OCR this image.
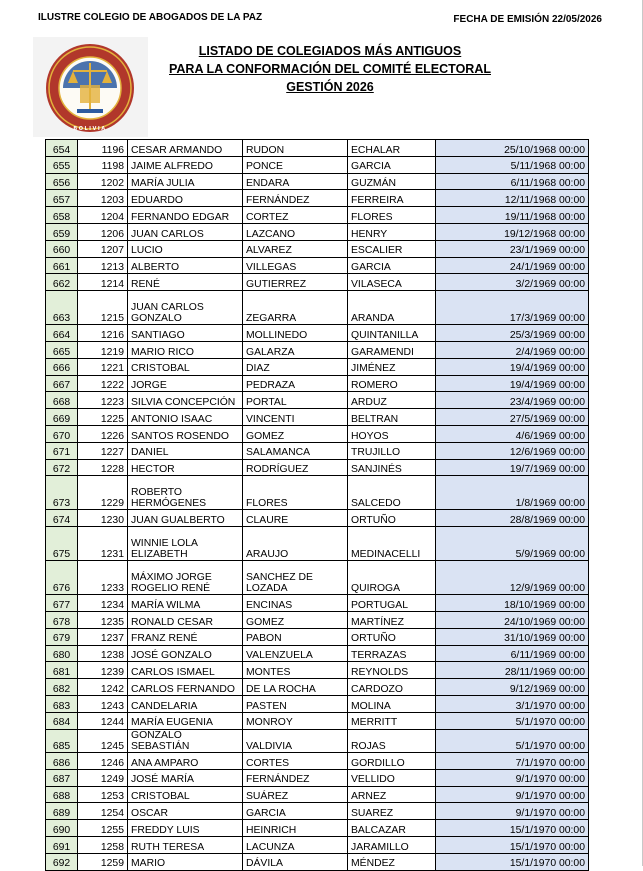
ILUSTRE COLEGIO DE ABOGADOS DE LA PAZ	FECHA DE EMISIÓN 22/05/2026
BOLIVIA
LISTADO DE COLEGIADOS MÁS ANTIGUOS
PARA LA CONFORMACIÓN DEL COMITÉ ELECTORAL
GESTIÓN 2026
654	1196	CESAR ARMANDO	RUDON	ECHALAR	25/10/1968 00:00
655	1198	JAIME ALFREDO	PONCE	GARCIA	5/11/1968 00:00
656	1202	MARÍA JULIA	ENDARA	GUZMÁN	6/11/1968 00:00
657	1203	EDUARDO	FERNÁNDEZ	FERREIRA	12/11/1968 00:00
658	1204	FERNANDO EDGAR	CORTEZ	FLORES	19/11/1968 00:00
659	1206	JUAN CARLOS	LAZCANO	HENRY	19/12/1968 00:00
660	1207	LUCIO	ALVAREZ	ESCALIER	23/1/1969 00:00
661	1213	ALBERTO	VILLEGAS	GARCIA	24/1/1969 00:00
662	1214	RENÉ	GUTIERREZ	VILASECA	3/2/1969 00:00
663	1215	JUAN CARLOS GONZALO	ZEGARRA	ARANDA	17/3/1969 00:00
664	1216	SANTIAGO	MOLLINEDO	QUINTANILLA	25/3/1969 00:00
665	1219	MARIO RICO	GALARZA	GARAMENDI	2/4/1969 00:00
666	1221	CRISTOBAL	DIAZ	JIMÉNEZ	19/4/1969 00:00
667	1222	JORGE	PEDRAZA	ROMERO	19/4/1969 00:00
668	1223	SILVIA CONCEPCIÓN	PORTAL	ARDUZ	23/4/1969 00:00
669	1225	ANTONIO ISAAC	VINCENTI	BELTRAN	27/5/1969 00:00
670	1226	SANTOS ROSENDO	GOMEZ	HOYOS	4/6/1969 00:00
671	1227	DANIEL	SALAMANCA	TRUJILLO	12/6/1969 00:00
672	1228	HECTOR	RODRÍGUEZ	SANJINÉS	19/7/1969 00:00
673	1229	ROBERTO HERMÓGENES	FLORES	SALCEDO	1/8/1969 00:00
674	1230	JUAN GUALBERTO	CLAURE	ORTUÑO	28/8/1969 00:00
675	1231	WINNIE LOLA ELIZABETH	ARAUJO	MEDINACELLI	5/9/1969 00:00
676	1233	MÁXIMO JORGE ROGELIO RENÉ	SANCHEZ DE LOZADA	QUIROGA	12/9/1969 00:00
677	1234	MARÍA WILMA	ENCINAS	PORTUGAL	18/10/1969 00:00
678	1235	RONALD CESAR	GOMEZ	MARTÍNEZ	24/10/1969 00:00
679	1237	FRANZ RENÉ	PABON	ORTUÑO	31/10/1969 00:00
680	1238	JOSÉ GONZALO	VALENZUELA	TERRAZAS	6/11/1969 00:00
681	1239	CARLOS ISMAEL	MONTES	REYNOLDS	28/11/1969 00:00
682	1242	CARLOS FERNANDO	DE LA ROCHA	CARDOZO	9/12/1969 00:00
683	1243	CANDELARIA	PASTEN	MOLINA	3/1/1970 00:00
684	1244	MARÍA EUGENIA	MONROY	MERRITT	5/1/1970 00:00
685	1245	GONZALO SEBASTIÁN	VALDIVIA	ROJAS	5/1/1970 00:00
686	1246	ANA AMPARO	CORTES	GORDILLO	7/1/1970 00:00
687	1249	JOSÉ MARÍA	FERNÁNDEZ	VELLIDO	9/1/1970 00:00
688	1253	CRISTOBAL	SUÁREZ	ARNEZ	9/1/1970 00:00
689	1254	OSCAR	GARCIA	SUAREZ	9/1/1970 00:00
690	1255	FREDDY LUIS	HEINRICH	BALCAZAR	15/1/1970 00:00
691	1258	RUTH TERESA	LACUNZA	JARAMILLO	15/1/1970 00:00
692	1259	MARIO	DÁVILA	MÉNDEZ	15/1/1970 00:00
